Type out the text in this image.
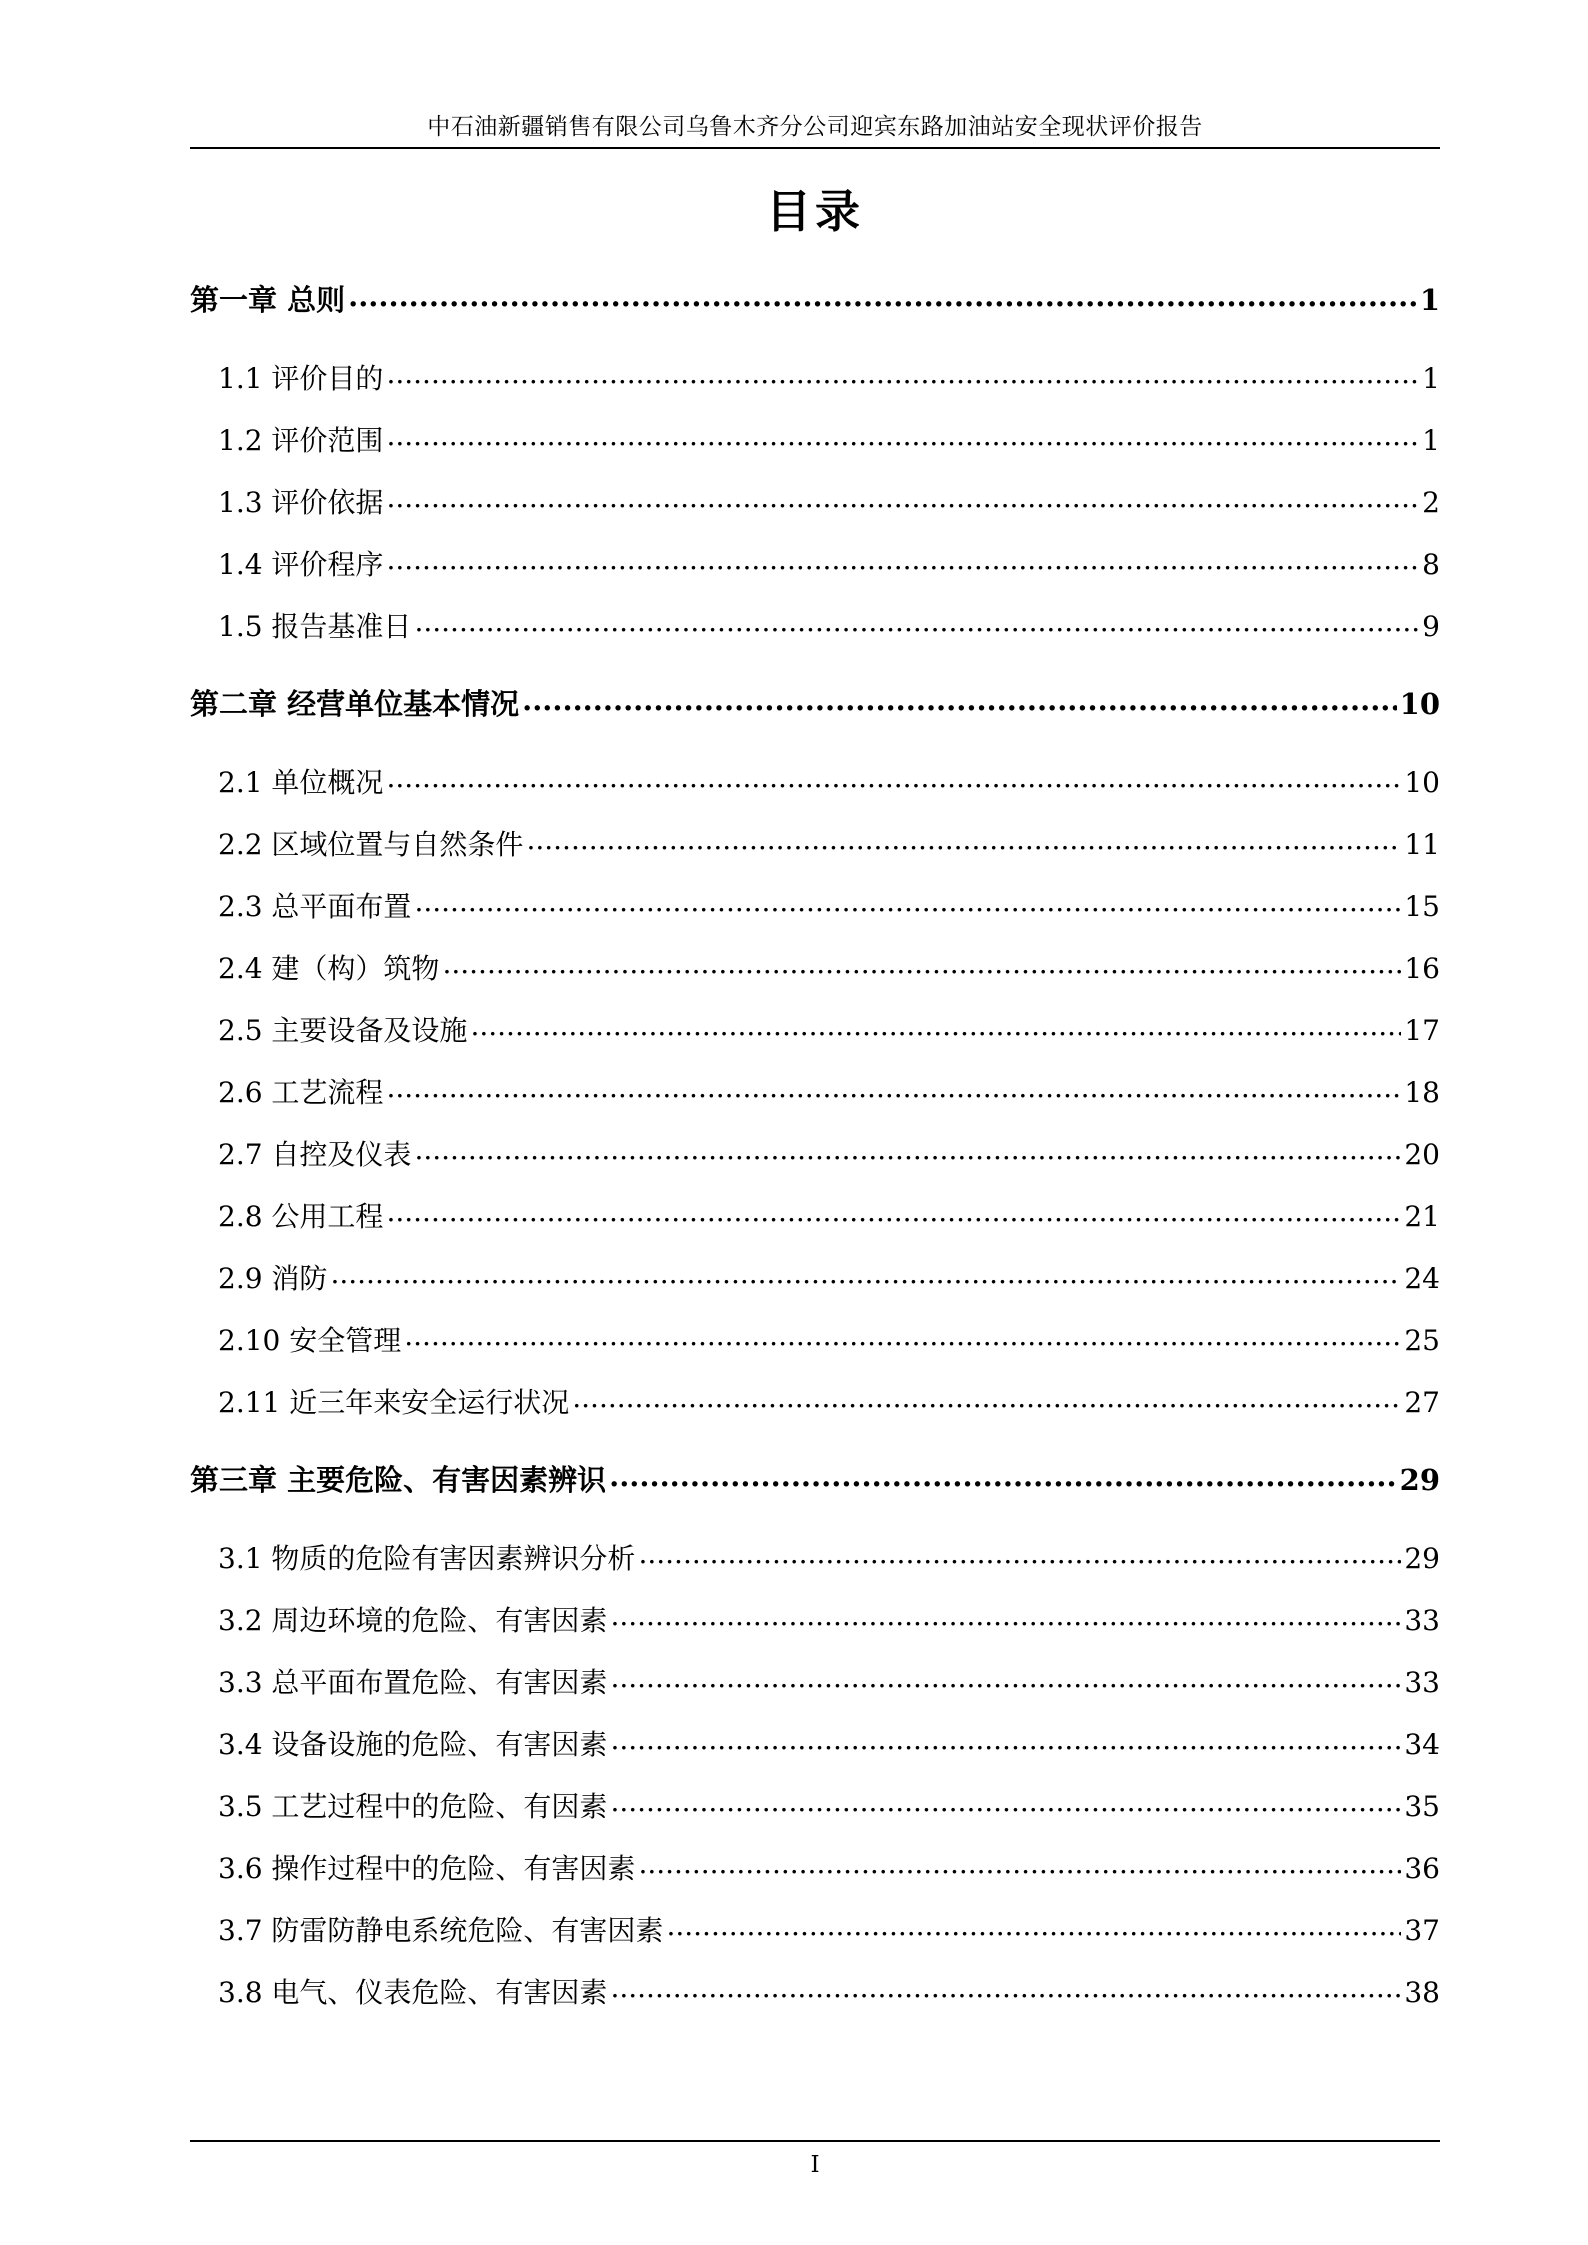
中石油新疆销售有限公司乌鲁木齐分公司迎宾东路加油站安全现状评价报告
目录
第一章 总则 .....	1
1.1 评价目的 .....	1
1.2 评价范围 .....	1
1.3 评价依据 .....	2
1.4 评价程序 .....	8
1.5 报告基准日 .....	9
第二章 经营单位基本情况 .....	10
2.1 单位概况 .....	10
2.2 区域位置与自然条件 .....	11
2.3 总平面布置 .....	15
2.4 建（构）筑物 .....	16
2.5 主要设备及设施 .....	17
2.6 工艺流程 .....	18
2.7 自控及仪表 .....	20
2.8 公用工程 .....	21
2.9 消防 .....	24
2.10 安全管理 .....	25
2.11 近三年来安全运行状况 .....	27
第三章 主要危险、有害因素辨识 .....	29
3.1 物质的危险有害因素辨识分析 .....	29
3.2 周边环境的危险、有害因素 .....	33
3.3 总平面布置危险、有害因素 .....	33
3.4 设备设施的危险、有害因素 .....	34
3.5 工艺过程中的危险、有因素 .....	35
3.6 操作过程中的危险、有害因素 .....	36
3.7 防雷防静电系统危险、有害因素 .....	37
3.8 电气、仪表危险、有害因素 .....	38
I
